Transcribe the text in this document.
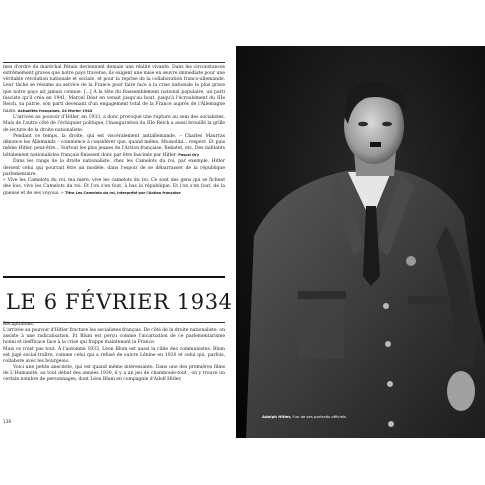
mes d'ordre du maréchal Pétain deviennent demain une réalité vivante. Dans les circonstances extrêmement graves que notre pays traverse, ils exigent une mise en œuvre immédiate pour une véritable révolution nationale et sociale, et pour la reprise de la collaboration franco-allemande. Leur tâche se résume au service de la France pour faire face à la crise nationale la plus grave que notre pays ait jamais connue. [...] À la tête du Rassemblement national populaire, un parti fasciste qu'il créa en 1941, Marcel Déat en venait jusqu'au bout, jusqu'à l'écroulement du IIIe Reich, sa patrie, son parti devenant d'un engagement total de la France auprès de l'Allemagne nazie. Actualités françaises, 24 février 1944

L'arrivée au pouvoir d'Hitler, en 1933, a donc provoqué une rupture au sein des socialistes. Mais de l'autre côté de l'échiquier politique, l'inauguration du IIIe Reich a aussi brouillé la grille de lecture de la droite nationaliste.

Pendant ce temps, la droite, qui est viscéralement antiallemande, – Charles Maurras dénonce les Allemands – commence à considérer que, quand même, Mussolini... respect. Et puis même Hitler, peut-être... Surtout les plus jeunes de l'Action française, Rebatet, etc. Des militants bêtalement nationalistes français finissent donc par être fascinés par Hitler. Pascal Ory

Dans les rangs de la droite nationaliste, chez les Camelots du roi, par exemple, Hitler devient celui qui pourrait être un modèle, dans l'espoir de se débarrasser de la république parlementaire.

« Vive les Camelots du roi, ma mère, vive les camelots du roi. Ce sont des gens qui se fichent des lois, vive les Camelots du roi. Et l'on s'en fout, à bas la république. Et l'on s'en fout, de la gueuse et de ses voyous. » Titre Les Camelots du roi, interprété par l'Action française

LE 6 FÉVRIER 1934

Récapitulons.

L'arrivée au pouvoir d'Hitler fracture les socialistes français. De côté de la droite nationaliste, on assiste à une radicalisation. Et Blum est perçu comme l'incarnation de ce parlementarisme honni et inefficace face à la crise qui frappe maintenant la France.

Mais ce n'est pas tout. À l'automne 1933, Léon Blum est aussi la cible des communistes. Blum est jugé social-traître, comme celui qui a refusé de suivre Lénine en 1920 et celui qui, parfois, collabore avec les bourgeois.

Voici une petite anecdote, qui est quand même intéressante. Dans une des premières films de L'Humanité, au tout début des années 1930, il y a un jeu de chamboule-tout ; on y trouve un certain nombre de personnages, dont Léon Blum en compagnie d'Adolf Hitler,

138
Adolph Hitler, l'un de ses portraits officiels
